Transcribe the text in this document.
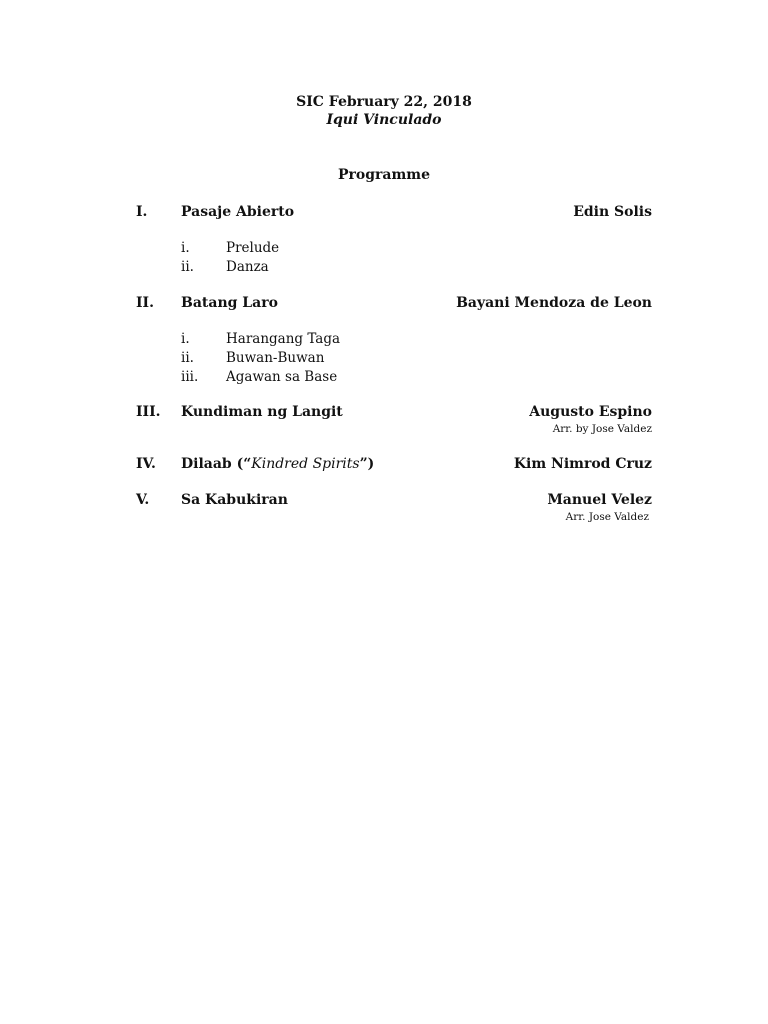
SIC February 22, 2018
Iqui Vinculado
Programme
I. Pasaje Abierto	Edin Solis
i.	Prelude
ii. Danza
II. Batang Laro	Bayani Mendoza de Leon
i.	Harangang Taga
ii. Buwan-Buwan
iii. Agawan sa Base
III. Kundiman ng Langit	Augusto Espino
Arr. by Jose Valdez
IV. Dilaab (“Kindred Spirits”)	Kim Nimrod Cruz
V. Sa Kabukiran	Manuel Velez
Arr. Jose Valdez
